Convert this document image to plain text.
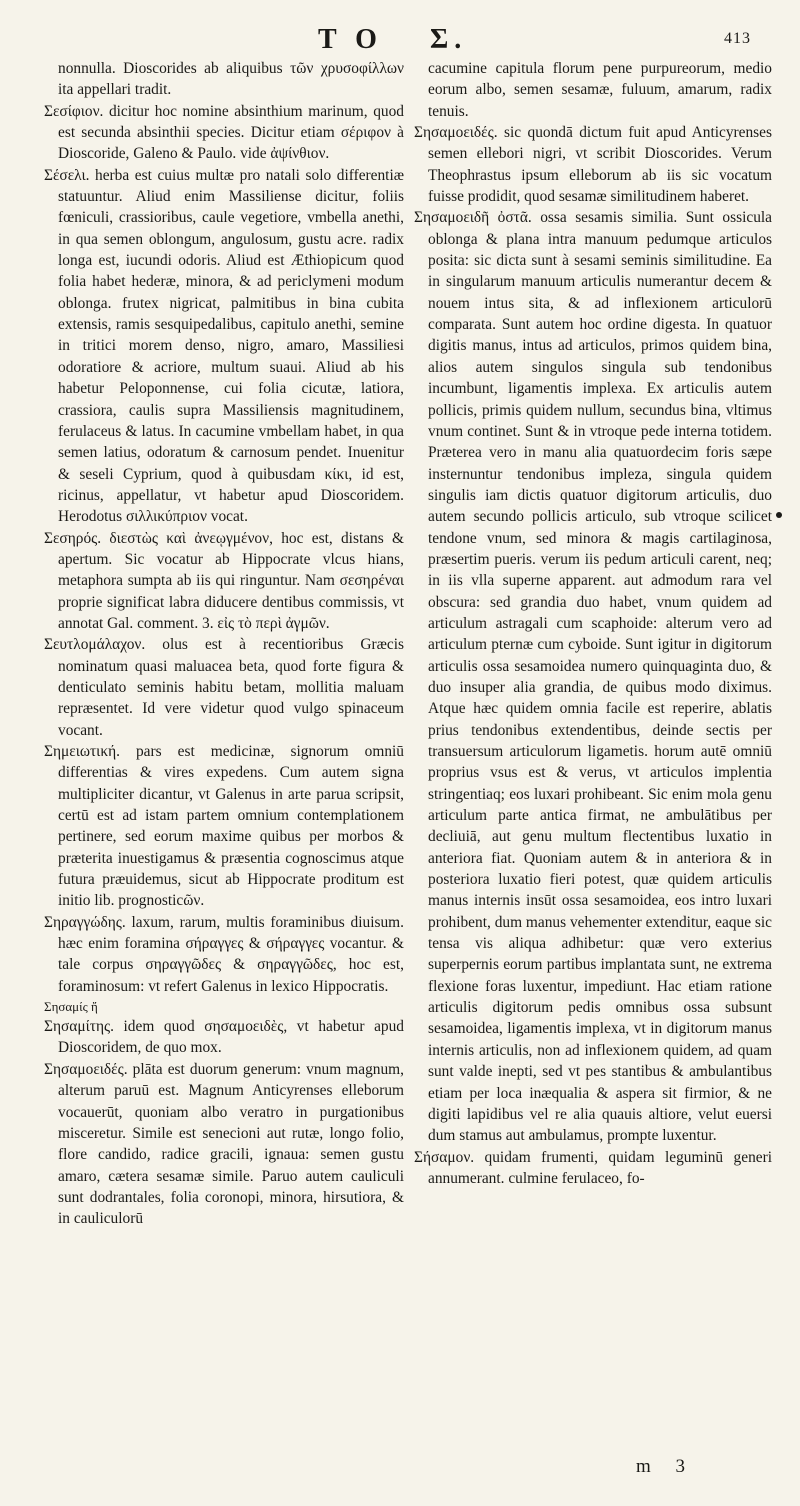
T O Σ.	413

nonnulla. Dioscorides ab aliquibus τῶν χρυσοφίλλων ita appellari tradit.

Σεσίφιον. dicitur hoc nomine absinthium marinum, quod est secunda absinthii species. Dicitur etiam σέριφον à Dioscoride, Galeno & Paulo. vide ἀψίνθιον.

Σέσελι. herba est cuius multæ pro natali solo differentiæ statuuntur. Aliud enim Massiliense dicitur, foliis fœniculi, crassioribus, caule vegetiore, vmbella anethi, in qua semen oblongum, angulosum, gustu acre. radix longa est, iucundi odoris. Aliud est Æthiopicum quod folia habet hederæ, minora, & ad periclymeni modum oblonga. frutex nigricat, palmitibus in bina cubita extensis, ramis sesquipedalibus, capitulo anethi, semine in tritici morem denso, nigro, amaro, Massiliesi odoratiore & acriore, multum suaui. Aliud ab his habetur Peloponnense, cui folia cicutæ, latiora, crassiora, caulis supra Massiliensis magnitudinem, ferulaceus & latus. In cacumine vmbellam habet, in qua semen latius, odoratum & carnosum pendet. Inuenitur & seseli Cyprium, quod à quibusdam κίκι, id est, ricinus, appellatur, vt habetur apud Dioscoridem. Herodotus σιλλικύπριον vocat.

Σεσηρός. διεστὼς καὶ ἀνεῳγμένον, hoc est, distans & apertum. Sic vocatur ab Hippocrate vlcus hians, metaphora sumpta ab iis qui ringuntur. Nam σεσηρέναι proprie significat labra diducere dentibus commissis, vt annotat Gal. comment. 3. εἰς τὸ περὶ ἀγμῶν.

Σευτλομάλαχον. olus est à recentioribus Græcis nominatum quasi maluacea beta, quod forte figura & denticulato seminis habitu betam, mollitia maluam repræsentet. Id vere videtur quod vulgo spinaceum vocant.

Σημειωτική. pars est medicinæ, signorum omniū differentias & vires expedens. Cum autem signa multipliciter dicantur, vt Galenus in arte parua scripsit, certū est ad istam partem omnium contemplationem pertinere, sed eorum maxime quibus per morbos & præterita inuestigamus & præsentia cognoscimus atque futura præuidemus, sicut ab Hippocrate proditum est initio lib. prognosticῶν.

Σηραγγώδης. laxum, rarum, multis foraminibus diuisum. hæc enim foramina σήραγγες & σήραγγες vocantur. & tale corpus σηραγγῶδες & σηραγγῶδες, hoc est, foraminosum: vt refert Galenus in lexico Hippocratis.

Σησαμίς ἤ

Σησαμίτης. idem quod σησαμοειδὲς, vt habetur apud Dioscoridem, de quo mox.

Σησαμοειδές. plāta est duorum generum: vnum magnum, alterum paruū est. Magnum Anticyrenses elleborum vocauerūt, quoniam albo veratro in purgationibus misceretur. Simile est senecioni aut rutæ, longo folio, flore candido, radice gracili, ignaua: semen gustu amaro, cætera sesamæ simile. Paruo autem cauliculi sunt dodrantales, folia coronopi, minora, hirsutiora, & in cauliculorū

cacumine capitula florum pene purpureorum, medio eorum albo, semen sesamæ, fuluum, amarum, radix tenuis.

Σησαμοειδές. sic quondā dictum fuit apud Anticyrenses semen ellebori nigri, vt scribit Dioscorides. Verum Theophrastus ipsum elleborum ab iis sic vocatum fuisse prodidit, quod sesamæ similitudinem haberet.

Σησαμοειδῆ ὀστᾶ. ossa sesamis similia. Sunt ossicula oblonga & plana intra manuum pedumque articulos posita: sic dicta sunt à sesami seminis similitudine. Ea in singularum manuum articulis numerantur decem & nouem intus sita, & ad inflexionem articulorū comparata. Sunt autem hoc ordine digesta. In quatuor digitis manus, intus ad articulos, primos quidem bina, alios autem singulos singula sub tendonibus incumbunt, ligamentis implexa. Ex articulis autem pollicis, primis quidem nullum, secundus bina, vltimus vnum continet. Sunt & in vtroque pede interna totidem. Præterea vero in manu alia quatuordecim foris sæpe insternuntur tendonibus impleza, singula quidem singulis iam dictis quatuor digitorum articulis, duo autem secundo pollicis articulo, sub vtroque scilicet tendone vnum, sed minora & magis cartilaginosa, præsertim pueris. verum iis pedum articuli carent, neq; in iis vlla superne apparent. aut admodum rara vel obscura: sed grandia duo habet, vnum quidem ad articulum astragali cum scaphoide: alterum vero ad articulum pternæ cum cyboide. Sunt igitur in digitorum articulis ossa sesamoidea numero quinquaginta duo, & duo insuper alia grandia, de quibus modo diximus. Atque hæc quidem omnia facile est reperire, ablatis prius tendonibus extendentibus, deinde sectis per transuersum articulorum ligametis. horum autē omniū proprius vsus est & verus, vt articulos implentia stringentiaq; eos luxari prohibeant. Sic enim mola genu articulum parte antica firmat, ne ambulātibus per decliuiā, aut genu multum flectentibus luxatio in anteriora fiat. Quoniam autem & in anteriora & in posteriora luxatio fieri potest, quæ quidem articulis manus internis insūt ossa sesamoidea, eos intro luxari prohibent, dum manus vehementer extenditur, eaque sic tensa vis aliqua adhibetur: quæ vero exterius superpernis eorum partibus implantata sunt, ne extrema flexione foras luxentur, impediunt. Hac etiam ratione articulis digitorum pedis omnibus ossa subsunt sesamoidea, ligamentis implexa, vt in digitorum manus internis articulis, non ad inflexionem quidem, ad quam sunt valde inepti, sed vt pes stantibus & ambulantibus etiam per loca inæqualia & aspera sit firmior, & ne digiti lapidibus vel re alia quauis altiore, velut euersi dum stamus aut ambulamus, prompte luxentur.

Σήσαμον. quidam frumenti, quidam leguminū generi annumerant. culmine ferulaceo, fo-

m 3
